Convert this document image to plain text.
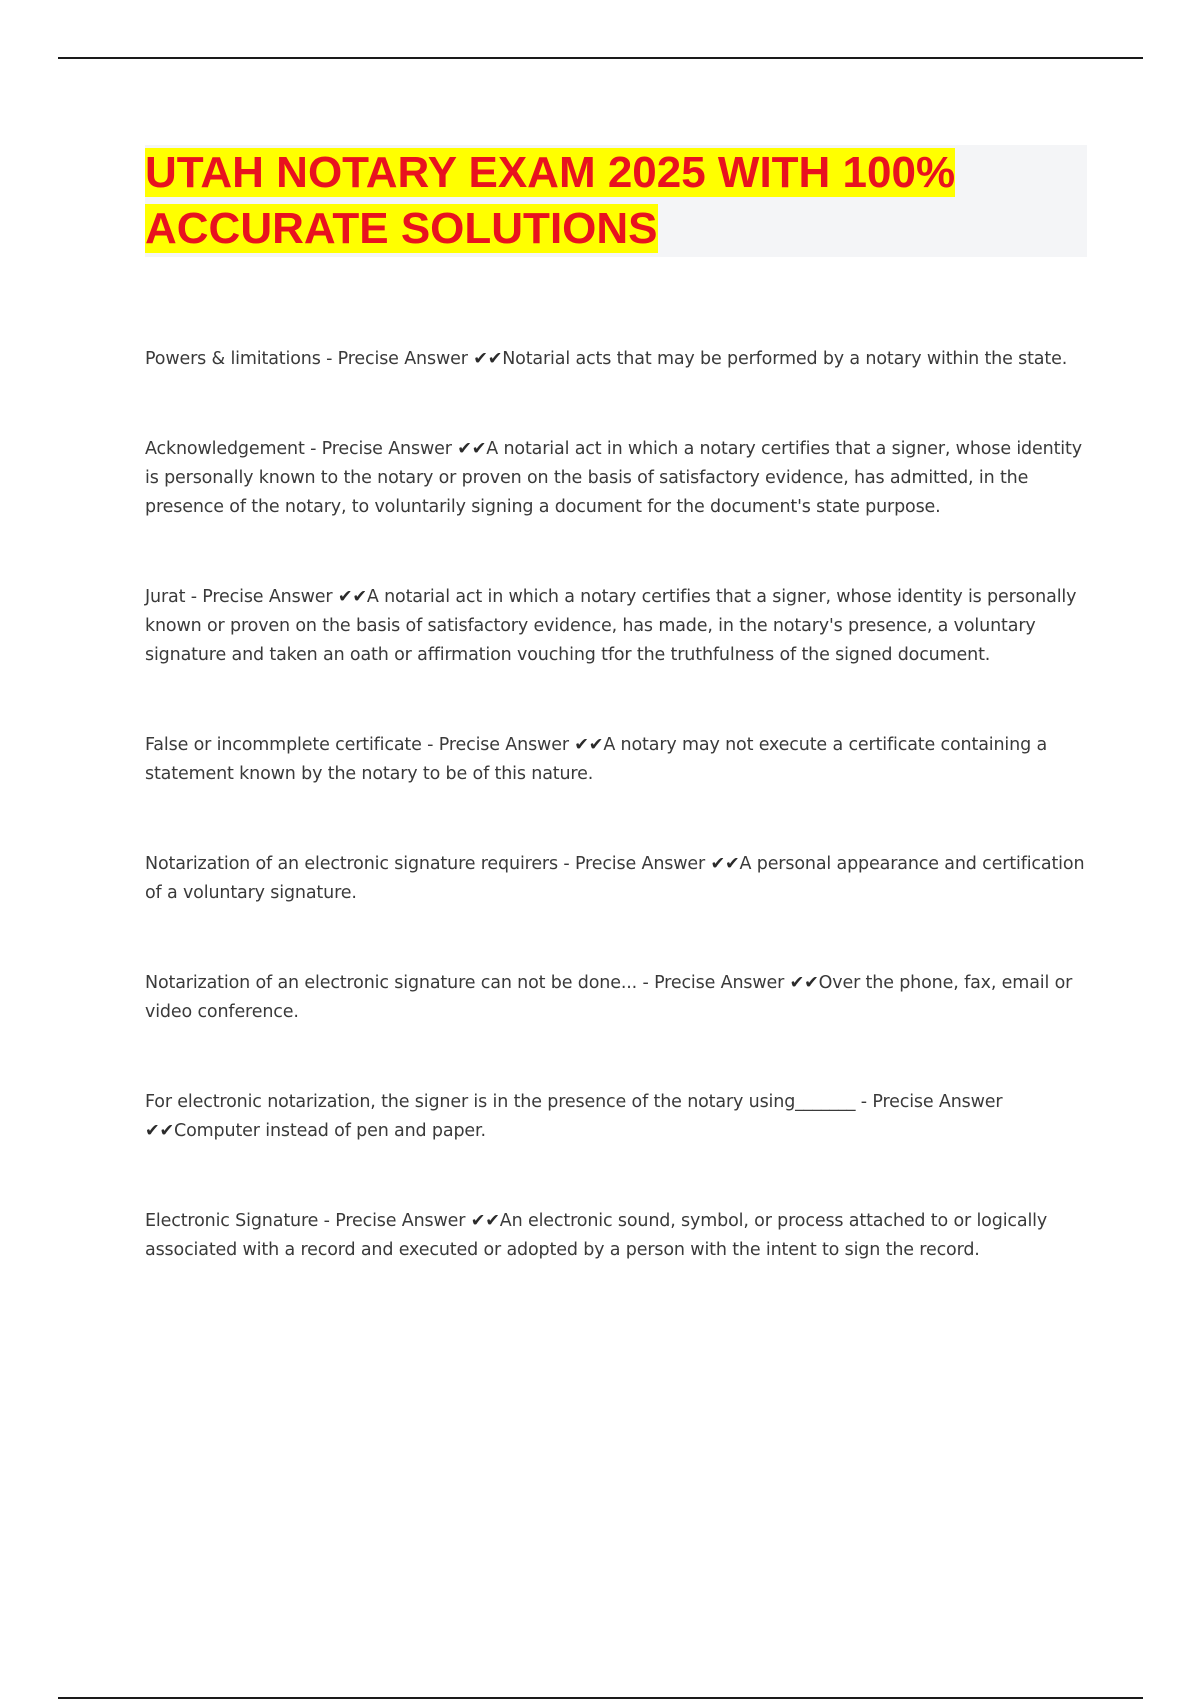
UTAH NOTARY EXAM 2025 WITH 100%
ACCURATE SOLUTIONS
Powers & limitations - Precise Answer ✔✔Notarial acts that may be performed by a notary within the state.
Acknowledgement - Precise Answer ✔✔A notarial act in which a notary certifies that a signer, whose identity is personally known to the notary or proven on the basis of satisfactory evidence, has admitted, in the presence of the notary, to voluntarily signing a document for the document's state purpose.
Jurat - Precise Answer ✔✔A notarial act in which a notary certifies that a signer, whose identity is personally known or proven on the basis of satisfactory evidence, has made, in the notary's presence, a voluntary signature and taken an oath or affirmation vouching tfor the truthfulness of the signed document.
False or incommplete certificate - Precise Answer ✔✔A notary may not execute a certificate containing a statement known by the notary to be of this nature.
Notarization of an electronic signature requirers - Precise Answer ✔✔A personal appearance and certification of a voluntary signature.
Notarization of an electronic signature can not be done... - Precise Answer ✔✔Over the phone, fax, email or video conference.
For electronic notarization, the signer is in the presence of the notary using_______ - Precise Answer ✔✔Computer instead of pen and paper.
Electronic Signature - Precise Answer ✔✔An electronic sound, symbol, or process attached to or logically associated with a record and executed or adopted by a person with the intent to sign the record.
